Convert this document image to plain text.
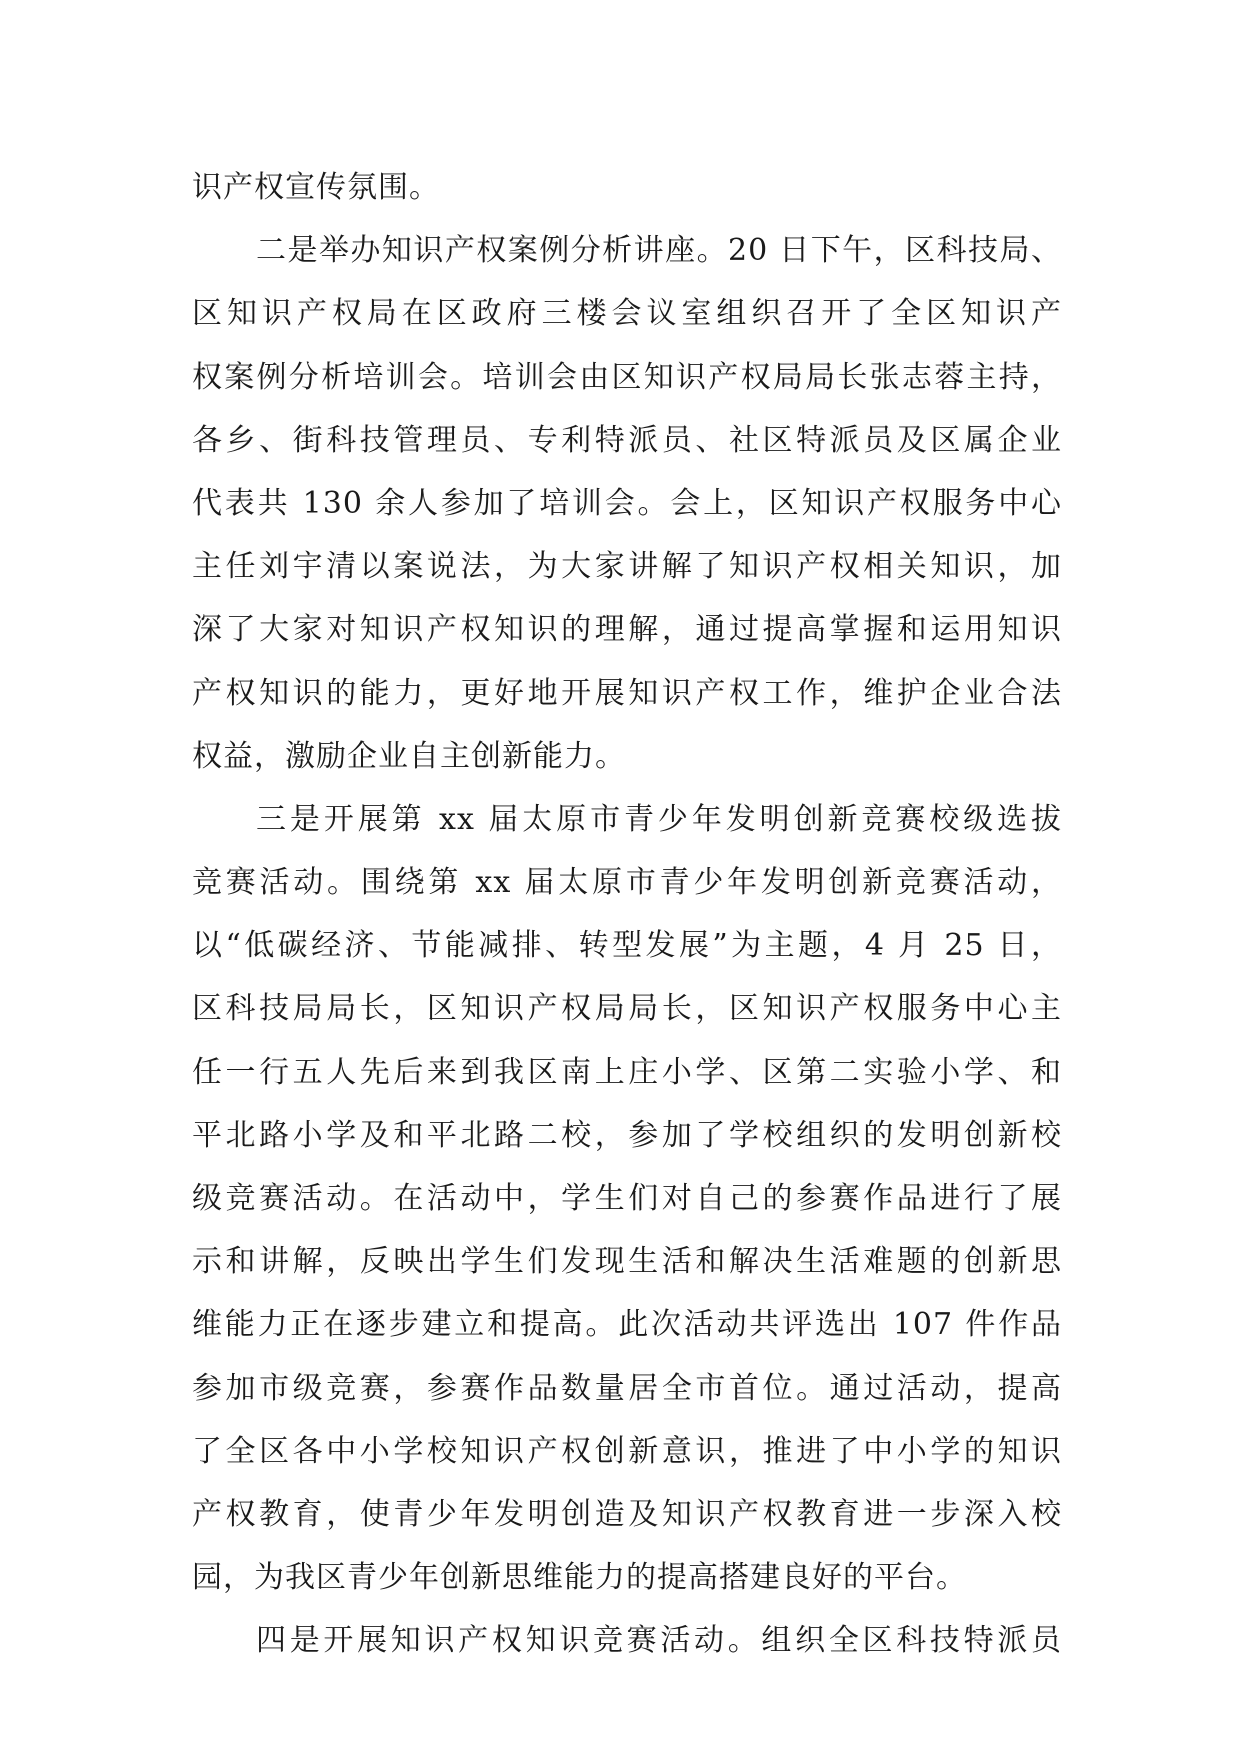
识产权宣传氛围。
二是举办知识产权案例分析讲座。20 日下午，区科技局、
区知识产权局在区政府三楼会议室组织召开了全区知识产
权案例分析培训会。培训会由区知识产权局局长张志蓉主持，
各乡、街科技管理员、专利特派员、社区特派员及区属企业
代表共 130 余人参加了培训会。会上，区知识产权服务中心
主任刘宇清以案说法，为大家讲解了知识产权相关知识，加
深了大家对知识产权知识的理解，通过提高掌握和运用知识
产权知识的能力，更好地开展知识产权工作，维护企业合法
权益，激励企业自主创新能力。
三是开展第 xx 届太原市青少年发明创新竞赛校级选拔
竞赛活动。围绕第 xx 届太原市青少年发明创新竞赛活动，
以“低碳经济、节能减排、转型发展”为主题，4 月 25 日，
区科技局局长，区知识产权局局长，区知识产权服务中心主
任一行五人先后来到我区南上庄小学、区第二实验小学、和
平北路小学及和平北路二校，参加了学校组织的发明创新校
级竞赛活动。在活动中，学生们对自己的参赛作品进行了展
示和讲解，反映出学生们发现生活和解决生活难题的创新思
维能力正在逐步建立和提高。此次活动共评选出 107 件作品
参加市级竞赛，参赛作品数量居全市首位。通过活动，提高
了全区各中小学校知识产权创新意识，推进了中小学的知识
产权教育，使青少年发明创造及知识产权教育进一步深入校
园，为我区青少年创新思维能力的提高搭建良好的平台。
四是开展知识产权知识竞赛活动。组织全区科技特派员
